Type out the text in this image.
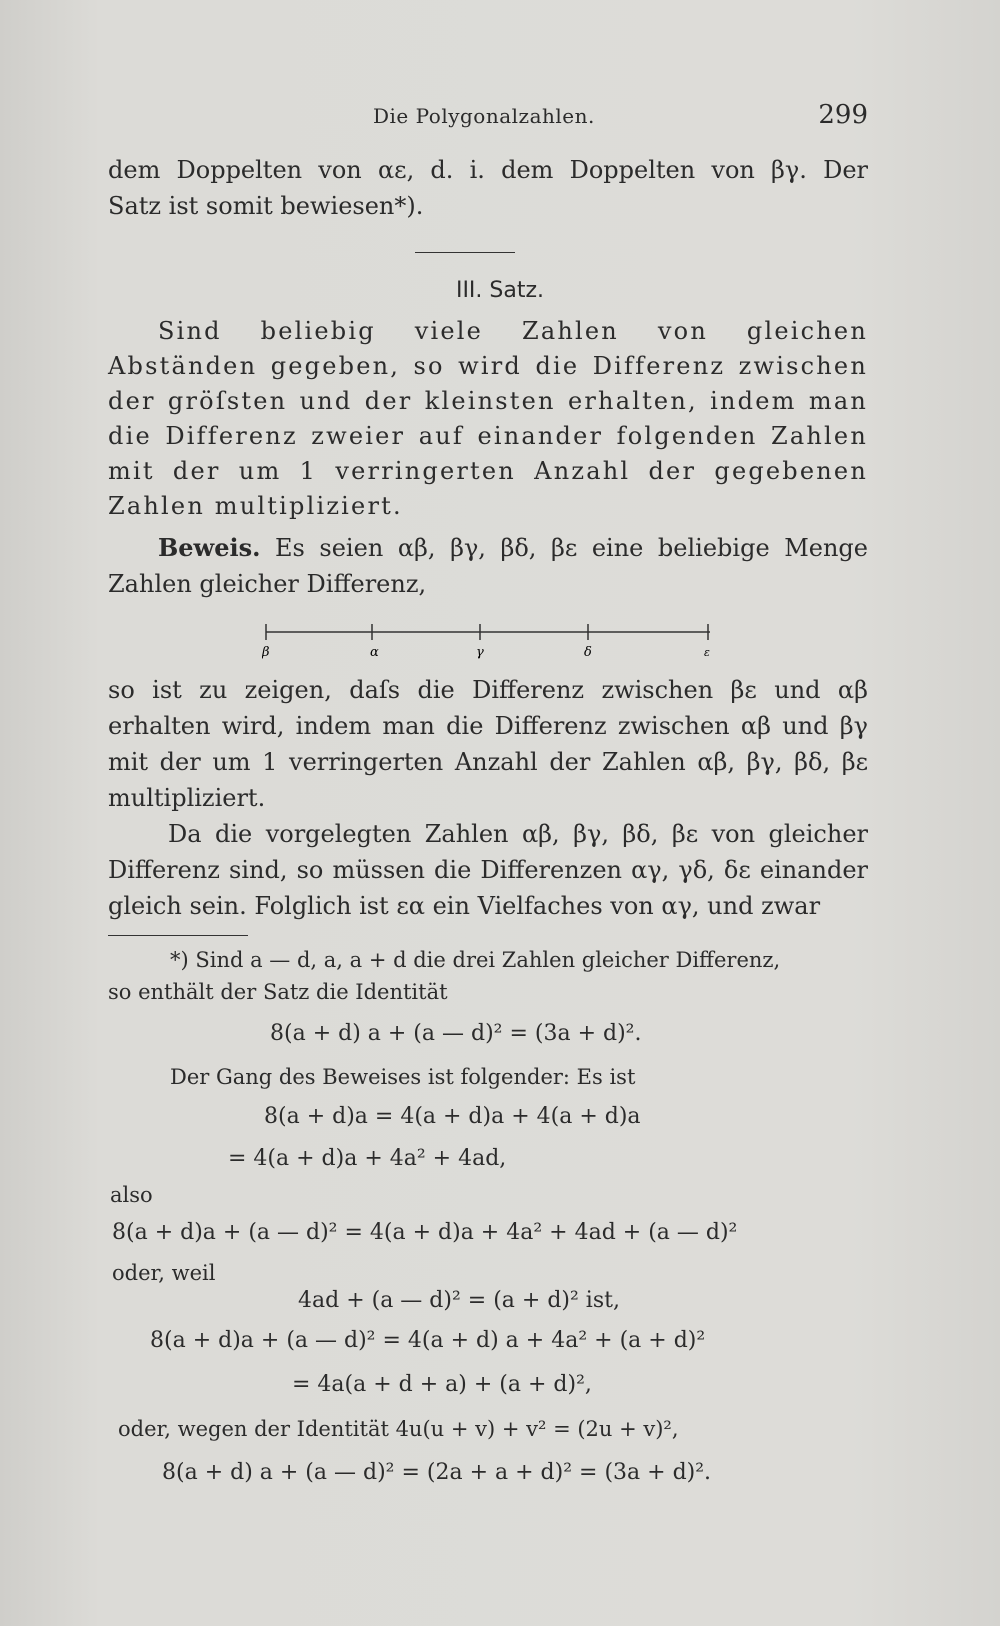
Die Polygonalzahlen.	299

dem Doppelten von αε, d. i. dem Doppelten von βγ. Der

Satz ist somit bewiesen*).

III. Satz.
Sind beliebig viele Zahlen von gleichen Abständen gegeben, so wird die Differenz zwischen der gröſsten und der kleinsten erhalten, indem man die Differenz zweier auf einander folgenden Zahlen mit der um 1 verringerten Anzahl der gegebenen Zahlen multipliziert.
Beweis. Es seien αβ, βγ, βδ, βε eine beliebige Menge Zahlen gleicher Differenz,
β	α	γ	δ	ε
so ist zu zeigen, daſs die Differenz zwischen βε und αβ erhalten wird, indem man die Differenz zwischen αβ und βγ mit der um 1 verringerten Anzahl der Zahlen αβ, βγ, βδ, βε multipliziert.
Da die vorgelegten Zahlen αβ, βγ, βδ, βε von gleicher Differenz sind, so müssen die Differenzen αγ, γδ, δε einander gleich sein. Folglich ist εα ein Vielfaches von αγ, und zwar
*) Sind a — d, a, a + d die drei Zahlen gleicher Differenz,
so enthält der Satz die Identität
8(a + d) a + (a — d)² = (3a + d)².
Der Gang des Beweises ist folgender: Es ist
8(a + d)a = 4(a + d)a + 4(a + d)a
= 4(a + d)a + 4a² + 4ad,
also
8(a + d)a + (a — d)² = 4(a + d)a + 4a² + 4ad + (a — d)²
oder, weil
4ad + (a — d)² = (a + d)² ist,
8(a + d)a + (a — d)² = 4(a + d) a + 4a² + (a + d)²
= 4a(a + d + a) + (a + d)²,
oder, wegen der Identität 4u(u + v) + v² = (2u + v)²,
8(a + d) a + (a — d)² = (2a + a + d)² = (3a + d)².
